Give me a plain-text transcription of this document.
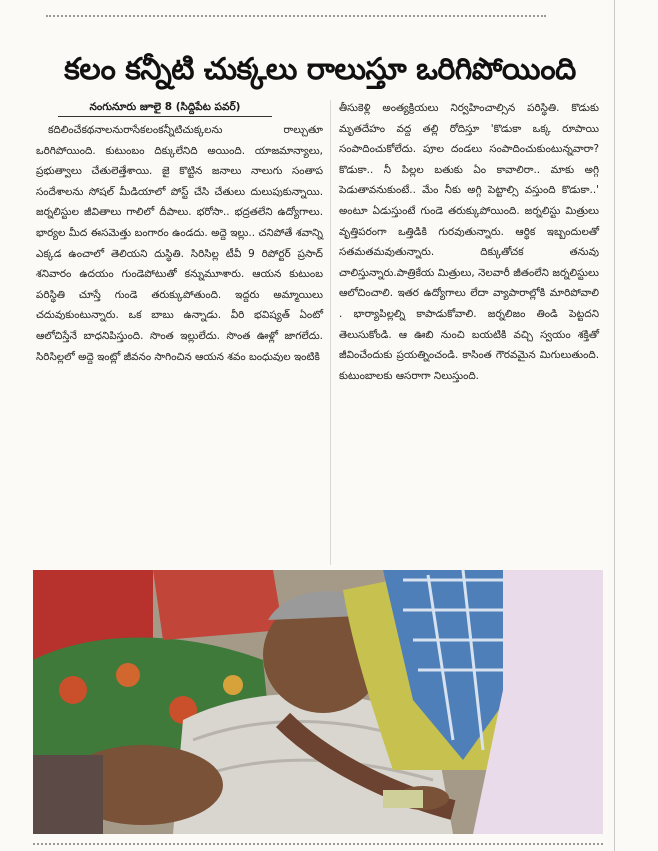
కలం కన్నీటి చుక్కలు రాలుస్తూ ఒరిగిపోయింది
నంగునూరు జూలై 8 (సిద్దిపేట పవర్)

కదిలించేకథనాలనురాసేకలంకన్నీటిచుక్కలను రాల్చుతూ ఒరిగిపోయింది. కుటుంబం దిక్కులేనిది అయింది. యాజమాన్యాలు, ప్రభుత్వాలు చేతులెత్తేశాయి. జై కొట్టిన జనాలు నాలుగు సంతాప సందేశాలను సోషల్ మీడియాలో పోస్ట్ చేసి చేతులు దులుపుకున్నాయి. జర్నలిస్టుల జీవితాలు గాలిలో దీపాలు. భరోసా.. భద్రతలేని ఉద్యోగాలు. భార్యల మీద ఈసమెత్తు బంగారం ఉండదు. అద్దె ఇల్లు.. చనిపోతే శవాన్ని ఎక్కడ ఉంచాలో తెలియని దుస్థితి. సిరిసిల్ల టీవీ 9 రిపోర్టర్ ప్రసాద్ శనివారం ఉదయం గుండెపోటుతో కన్నుమూశారు. ఆయన కుటుంబ పరిస్థితి చూస్తే గుండె తరుక్కుపోతుంది. ఇద్దరు అమ్మాయిలు చదువుకుంటున్నారు. ఒక బాబు ఉన్నాడు. వీరి భవిష్యత్ ఏంటో ఆలోచిస్తేనే బాధనిపిస్తుంది. సొంత ఇల్లులేదు. సొంత ఊళ్లో జాగలేదు. సిరిసిల్లలో అద్దె ఇంట్లో జీవనం సాగించిన ఆయన శవం బంధువుల ఇంటికి

తీసుకెళ్లి అంత్యక్రియలు నిర్వహించాల్సిన పరిస్థితి. కొడుకు మృతదేహం వద్ద తల్లి రోదిస్తూ 'కొడుకా ఒక్క రూపాయి సంపాదించుకోలేదు. పూల దండలు సంపాదించుకుంటున్నవారా? కొడుకా.. నీ పిల్లల బతుకు ఏం కావాలిరా.. మాకు అగ్గి పెడుతావనుకుంటే.. మేం నీకు అగ్గి పెట్టాల్సి వస్తుంది కొడుకా..' అంటూ ఏడుస్తుంటే గుండె తరుక్కుపోయింది. జర్నలిస్టు మిత్రులు వృత్తిపరంగా ఒత్తిడికి గురవుతున్నారు. ఆర్థిక ఇబ్బందులతో సతమతమవుతున్నారు. దిక్కుతోచక తనువు చాలిస్తున్నారు.పాత్రికేయ మిత్రులు, నెలవారీ జీతంలేని జర్నలిస్టులు ఆలోచించాలి. ఇతర ఉద్యోగాలు లేదా వ్యాపారాల్లోకి మారిపోవాలి . భార్యాపిల్లల్ని కాపాడుకోవాలి. జర్నలిజం తిండి పెట్టదని తెలుసుకోండి. ఆ ఊబి నుంచి బయటికి వచ్చి స్వయం శక్తితో జీవించేందుకు ప్రయత్నించండి. కాసింత గౌరవమైన మిగులుతుంది. కుటుంబాలకు ఆసరాగా నిలుస్తుంది.
